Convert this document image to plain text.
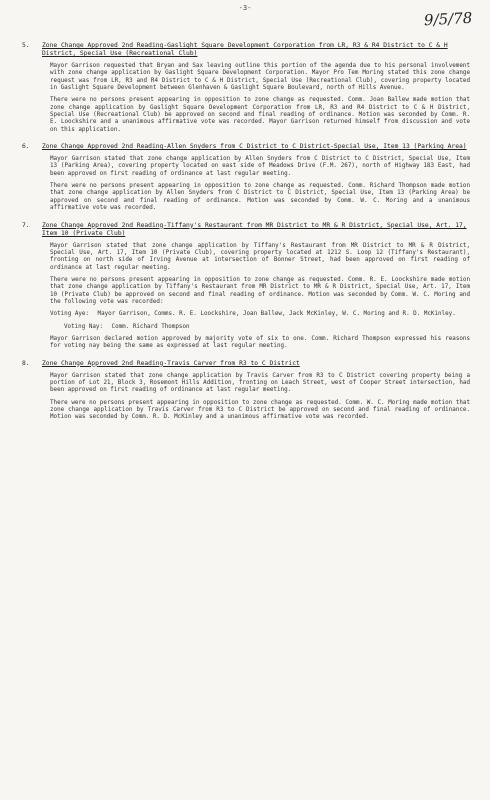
-3-
9/5/78
5.	Zone Change Approved 2nd Reading-Gaslight Square Development Corporation from LR, R3 & R4 District to C & H District, Special Use (Recreational Club)

Mayor Garrison requested that Bryan and Sax leaving outline this portion of the agenda due to his personal involvement with zone change application by Gaslight Square Development Corporation. Mayor Pro Tem Moring stated this zone change request was from LR, R3 and R4 District to C & H District, Special Use (Recreational Club), covering property located in Gaslight Square Development between Glenhaven & Gaslight Square Boulevard, north of Hills Avenue.

There were no persons present appearing in opposition to zone change as requested. Comm. Joan Ballew made motion that zone change application by Gaslight Square Development Corporation from LR, R3 and R4 District to C & H District, Special Use (Recreational Club) be approved on second and final reading of ordinance. Motion was seconded by Comm. R. E. Loockshire and a unanimous affirmative vote was recorded. Mayor Garrison returned himself from discussion and vote on this application.

6.	Zone Change Approved 2nd Reading-Allen Snyders from C District to C District-Special Use, Item 13 (Parking Area)

Mayor Garrison stated that zone change application by Allen Snyders from C District to C District, Special Use, Item 13 (Parking Area), covering property located on east side of Meadows Drive (F.M. 267), north of Highway 183 East, had been approved on first reading of ordinance at last regular meeting.

There were no persons present appearing in opposition to zone change as requested. Comm. Richard Thompson made motion that zone change application by Allen Snyders from C District to C District, Special Use, Item 13 (Parking Area) be approved on second and final reading of ordinance. Motion was seconded by Comm. W. C. Moring and a unanimous affirmative vote was recorded.

7.	Zone Change Approved 2nd Reading-Tiffany's Restaurant from MR District to MR & R District, Special Use, Art. 17, Item 10 (Private Club)

Mayor Garrison stated that zone change application by Tiffany's Restaurant from MR District to MR & R District, Special Use, Art. 17, Item 10 (Private Club), covering property located at 1212 S. Loop 12 (Tiffany's Restaurant), fronting on north side of Irving Avenue at intersection of Bonner Street, had been approved on first reading of ordinance at last regular meeting.

There were no persons present appearing in opposition to zone change as requested. Comm. R. E. Loockshire made motion that zone change application by Tiffany's Restaurant from MR District to MR & R District, Special Use, Art. 17, Item 10 (Private Club) be approved on second and final reading of ordinance. Motion was seconded by Comm. W. C. Moring and the following vote was recorded:

Voting Aye: Mayor Garrison, Comms. R. E. Loockshire, Joan Ballew, Jack McKinley, W. C. Moring and R. D. McKinley.
Voting Nay: Comm. Richard Thompson

Mayor Garrison declared motion approved by majority vote of six to one. Comm. Richard Thompson expressed his reasons for voting nay being the same as expressed at last regular meeting.

8.	Zone Change Approved 2nd Reading-Travis Carver from R3 to C District

Mayor Garrison stated that zone change application by Travis Carver from R3 to C District covering property being a portion of Lot 21, Block 3, Rosemont Hills Addition, fronting on Leach Street, west of Cooper Street intersection, had been approved on first reading of ordinance at last regular meeting.

There were no persons present appearing in opposition to zone change as requested. Comm. W. C. Moring made motion that zone change application by Travis Carver from R3 to C District be approved on second and final reading of ordinance. Motion was seconded by Comm. R. D. McKinley and a unanimous affirmative vote was recorded.
